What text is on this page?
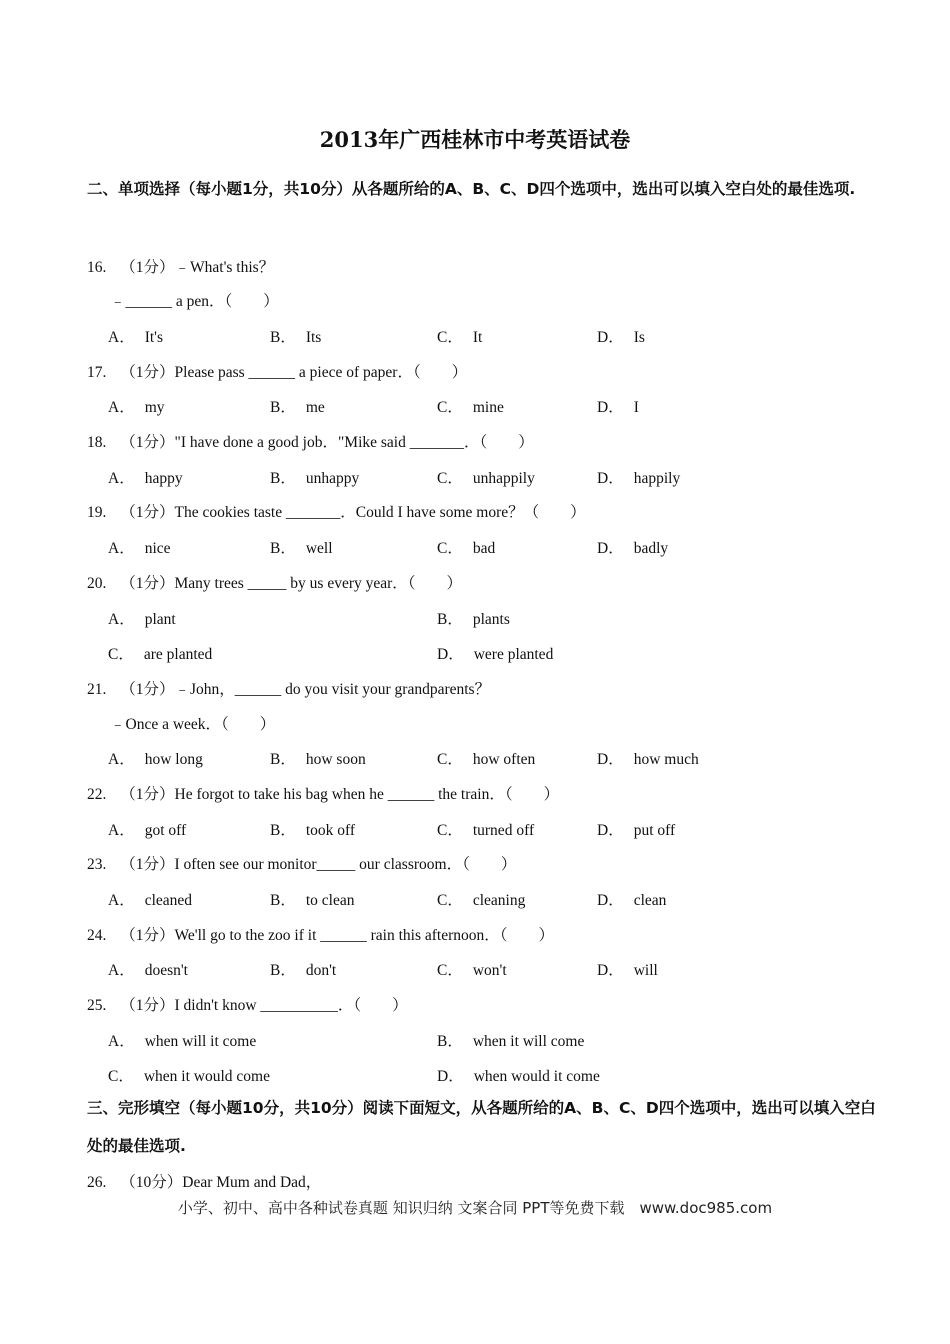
2013年广西桂林市中考英语试卷
二、单项选择（每小题1分，共10分）从各题所给的A、B、C、D四个选项中，选出可以填入空白处的最佳选项.
16. （1分）﹣What's this？
﹣______ a pen．（　　）
A． It's	B． Its	C． It	D． Is
17. （1分）Please pass ______ a piece of paper．（　　）
A． my	B． me	C． mine	D． I
18. （1分）"I have done a good job．"Mike said _______．（　　）
A． happy	B． unhappy	C． unhappily	D． happily
19. （1分）The cookies taste _______．Could I have some more？（　　）
A． nice	B． well	C． bad	D． badly
20. （1分）Many trees _____ by us every year．（　　）
A． plant	B． plants
C． are planted	D． were planted
21. （1分）﹣John，______ do you visit your grandparents？
﹣Once a week．（　　）
A． how long	B． how soon	C． how often	D． how much
22. （1分）He forgot to take his bag when he ______ the train．（　　）
A． got off	B． took off	C． turned off	D． put off
23. （1分）I often see our monitor_____ our classroom．（　　）
A． cleaned	B． to clean	C． cleaning	D． clean
24. （1分）We'll go to the zoo if it ______ rain this afternoon．（　　）
A． doesn't	B． don't	C． won't	D． will
25. （1分）I didn't know __________．（　　）
A． when will it come	B． when it will come
C． when it would come	D． when would it come
三、完形填空（每小题10分，共10分）阅读下面短文，从各题所给的A、B、C、D四个选项中，选出可以填入空白处的最佳选项.
26. （10分）Dear Mum and Dad，
小学、初中、高中各种试卷真题 知识归纳 文案合同 PPT等免费下载　www.doc985.com
